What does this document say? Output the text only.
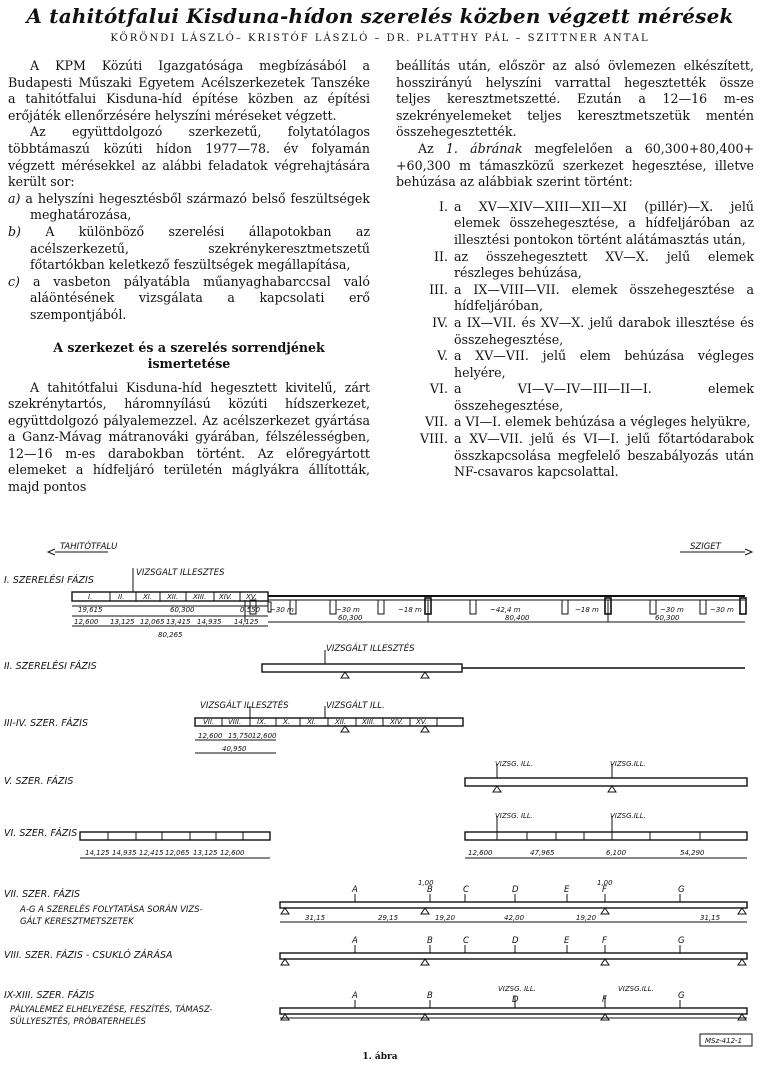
A tahitótfalui Kisduna-hídon szerelés közben végzett mérések
KÖRÖNDI LÁSZLÓ– KRISTÓF LÁSZLÓ – DR. PLATTHY PÁL – SZITTNER ANTAL

A KPM Közúti Igazgatósága megbízásából a Budapesti Műszaki Egyetem Acélszerkezetek Tanszéke a tahitótfalui Kisduna-híd építése közben az építési erőjáték ellenőrzésére helyszíni méréseket végzett.

Az együttdolgozó szerkezetű, folytatólagos többtámaszú közúti hídon 1977—78. év folyamán végzett mérésekkel az alábbi feladatok végrehajtására került sor:

a) a helyszíni hegesztésből származó belső feszültségek meghatározása,

b) A különböző szerelési állapotokban az acélszerkezetű, szekrénykeresztmetszetű főtartókban keletkező feszültségek megállapítása,

c) a vasbeton pályatábla műanyaghabarccsal való aláöntésének vizsgálata a kapcsolati erő szempontjából.

A szerkezet és a szerelés sorrendjének ismertetése

A tahitótfalui Kisduna-híd hegesztett kivitelű, zárt szekrénytartós, háromnyílású közúti hídszerkezet, együttdolgozó pályalemezzel. Az acélszerkezet gyártása a Ganz-Mávag mátranováki gyárában, félszélességben, 12—16 m-es darabokban történt. Az előregyártott elemeket a hídfeljáró területén máglyákra állították, majd pontos

beállítás után, először az alsó övlemezen elkészített, hosszirányú helyszíni varrattal hegesztették össze teljes keresztmetszetté. Ezután a 12—16 m-es szekrényelemeket teljes keresztmetszetük mentén összehegesztették.

Az 1. ábrának megfelelően a 60,300+80,400+ +60,300 m támaszközű szerkezet hegesztése, illetve behúzása az alábbiak szerint történt:

I. a XV—XIV—XIII—XII—XI (pillér)—X. jelű elemek összehegesztése, a hídfeljáróban az illesztési pontokon történt alátámasztás után,
II. az összehegesztett XV—X. jelű elemek részleges behúzása,
III. a IX—VIII—VII. elemek összehegesztése a hídfeljáróban,
IV. a IX—VII. és XV—X. jelű darabok illesztése és összehegesztése,
V. a XV—VII. jelű elem behúzása végleges helyére,
VI. a VI—V—IV—III—II—I. elemek összehegesztése,
VII. a VI—I. elemek behúzása a végleges helyükre,
VIII. a XV—VII. jelű és VI—I. jelű főtartódarabok összkapcsolása megfelelő beszabályozás után NF-csavaros kapcsolattal.
TAHITÓTFALU	SZIGET
I. SZERELÉSI FÁZIS
VIZSGALT ILLESZTES
I.	II.	XI. XII. XIII. XIV. XV.
19,615	60,300	0,550
12,600 13,125 12,065 13,415 14,935 14,125
80,265
~30 m	~30 m	~18 m	~42,4 m	~18 m	~30 m	~30 m
60,300	80,400	60,300
II. SZERELÉSI FÁZIS
VIZSGÁLT ILLESZTÉS
III-IV. SZER. FÁZIS
VIZSGÁLT ILLESZTÉS	VIZSGÁLT ILL.
VII. VIII. IX. X. XI.	XII. XIII. XIV. XV.
12,600 15,750 12,600
40,950
V. SZER. FÁZIS
VIZSG. ILL.	VIZSG.ILL.
VI. SZER. FÁZIS
VIZSG. ILL.	VIZSG.ILL.
14,125 14,935 12,415 12,065 13,125 12,600	12,600	47,965	6,100	54,290
VII. SZER. FÁZIS
A-G A SZERELÉS FOLYTATÁSA SORÁN VIZS-
GÁLT KERESZTMETSZETEK
1,00	1,00
A	B	C	D	E	F	G
31,15	29,15	19,20	42,00	19,20	31,15
VIII. SZER. FÁZIS - CSUKLÓ ZÁRÁSA
A	B	C	D	E	F	G
IX-XIII. SZER. FÁZIS
PÁLYALEMEZ ELHELYEZÉSE, FESZÍTÉS, TÁMASZ-
SÜLLYESZTÉS, PRÓBATERHELÉS
VIZSG. ILL.	VIZSG.ILL.
A	B	D	F	G
MSz-412-1
1. ábra
